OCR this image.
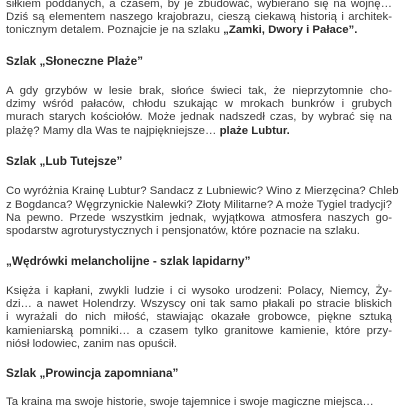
siłkiem poddanych, a czasem, by je zbudować, wybierano się na wojnę…

Dziś są elementem naszego krajobrazu, cieszą ciekawą historią i architek-

tonicznym detalem. Poznajcie je na szlaku „Zamki, Dwory i Pałace”.

Szlak „Słoneczne Plaże”

A gdy grzybów w lesie brak, słońce świeci tak, że nieprzytomnie cho-

dzimy wśród pałaców, chłodu szukając w mrokach bunkrów i grubych

murach starych kościołów. Może jednak nadszedł czas, by wybrać się na

plażę? Mamy dla Was te najpiękniejsze… plaże Lubtur.

Szlak „Lub Tutejsze”

Co wyróżnia Krainę Lubtur? Sandacz z Lubniewic? Wino z Mierzęcina? Chleb

z Bogdanca? Węgrzynickie Nalewki? Złoty Militarne? A może Tygiel tradycji?

Na pewno. Przede wszystkim jednak, wyjątkowa atmosfera naszych go-

spodarstw agroturystycznych i pensjonatów, które poznacie na szlaku.

„Wędrówki melancholijne - szlak lapidarny”

Księża i kapłani, zwykli ludzie i ci wysoko urodzeni: Polacy, Niemcy, Ży-

dzi… a nawet Holendrzy. Wszyscy oni tak samo płakali po stracie bliskich

i wyrażali do nich miłość, stawiając okazałe grobowce, piękne sztuką

kamieniarską pomniki… a czasem tylko granitowe kamienie, które przy-

niósł lodowiec, zanim nas opuścił.

Szlak „Prowincja zapomniana”

Ta kraina ma swoje historie, swoje tajemnice i swoje magiczne miejsca…
